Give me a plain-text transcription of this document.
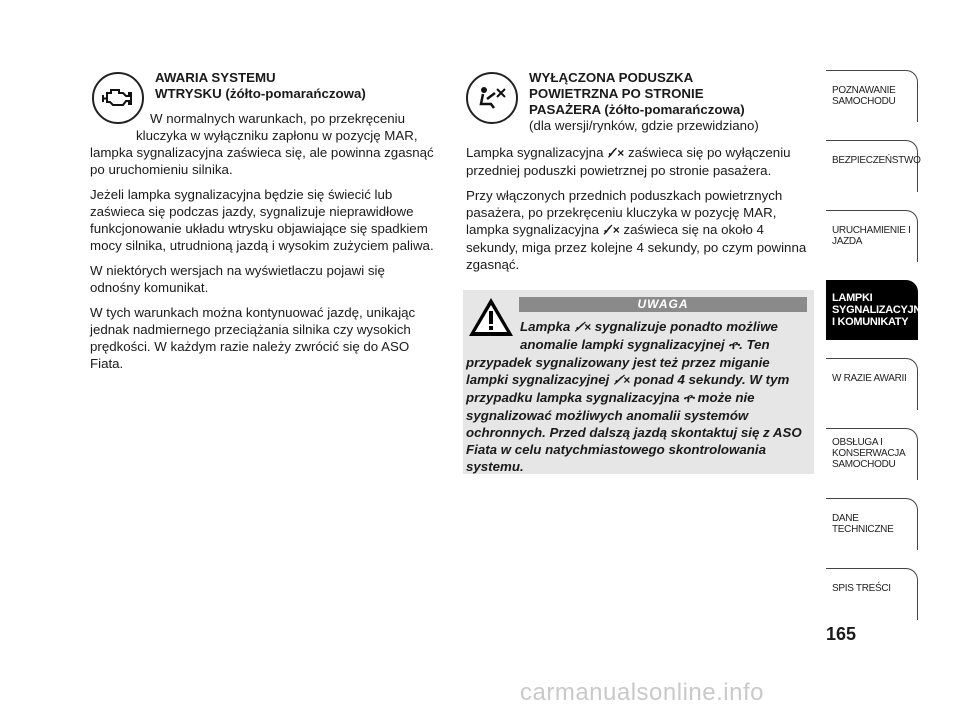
AWARIA SYSTEMU
WTRYSKU (żółto-pomarańczowa)

W normalnych warunkach, po przekręceniu
kluczyka w wyłączniku zapłonu w pozycję MAR,
lampka sygnalizacyjna zaświeca się, ale powinna zgasnąć po uruchomieniu silnika.

Jeżeli lampka sygnalizacyjna będzie się świecić lub zaświeca się podczas jazdy, sygnalizuje nieprawidłowe funkcjonowanie układu wtrysku objawiające się spadkiem mocy silnika, utrudnioną jazdą i wysokim zużyciem paliwa.

W niektórych wersjach na wyświetlaczu pojawi się odnośny komunikat.

W tych warunkach można kontynuować jazdę, unikając jednak nadmiernego przeciążania silnika czy wysokich prędkości. W każdym razie należy zwrócić się do ASO Fiata.

WYŁĄCZONA PODUSZKA
POWIETRZNA PO STRONIE
PASAŻERA (żółto-pomarańczowa)
(dla wersji/rynków, gdzie przewidziano)

Lampka sygnalizacyjna ✓̸× zaświeca się po wyłączeniu przedniej poduszki powietrznej po stronie pasażera.

Przy włączonych przednich poduszkach powietrznych pasażera, po przekręceniu kluczyka w pozycję MAR, lampka sygnalizacyjna ✓̸× zaświeca się na około 4 sekundy, miga przez kolejne 4 sekundy, po czym powinna zgasnąć.

UWAGA
Lampka ✓̸× sygnalizuje ponadto możliwe
anomalie lampki sygnalizacyjnej ዯ. Ten
przypadek sygnalizowany jest też przez miganie lampki sygnalizacyjnej ✓̸× ponad 4 sekundy. W tym przypadku lampka sygnalizacyjna ዯ może nie sygnalizować możliwych anomalii systemów ochronnych. Przed dalszą jazdą skontaktuj się z ASO Fiata w celu natychmiastowego skontrolowania systemu.
POZNAWANIE SAMOCHODU
BEZPIECZEŃSTWO
URUCHAMIENIE I JAZDA
LAMPKI SYGNALIZACYJNE I KOMUNIKATY
W RAZIE AWARII
OBSŁUGA I KONSERWACJA SAMOCHODU
DANE TECHNICZNE
SPIS TREŚCI
165
carmanualsonline.info
